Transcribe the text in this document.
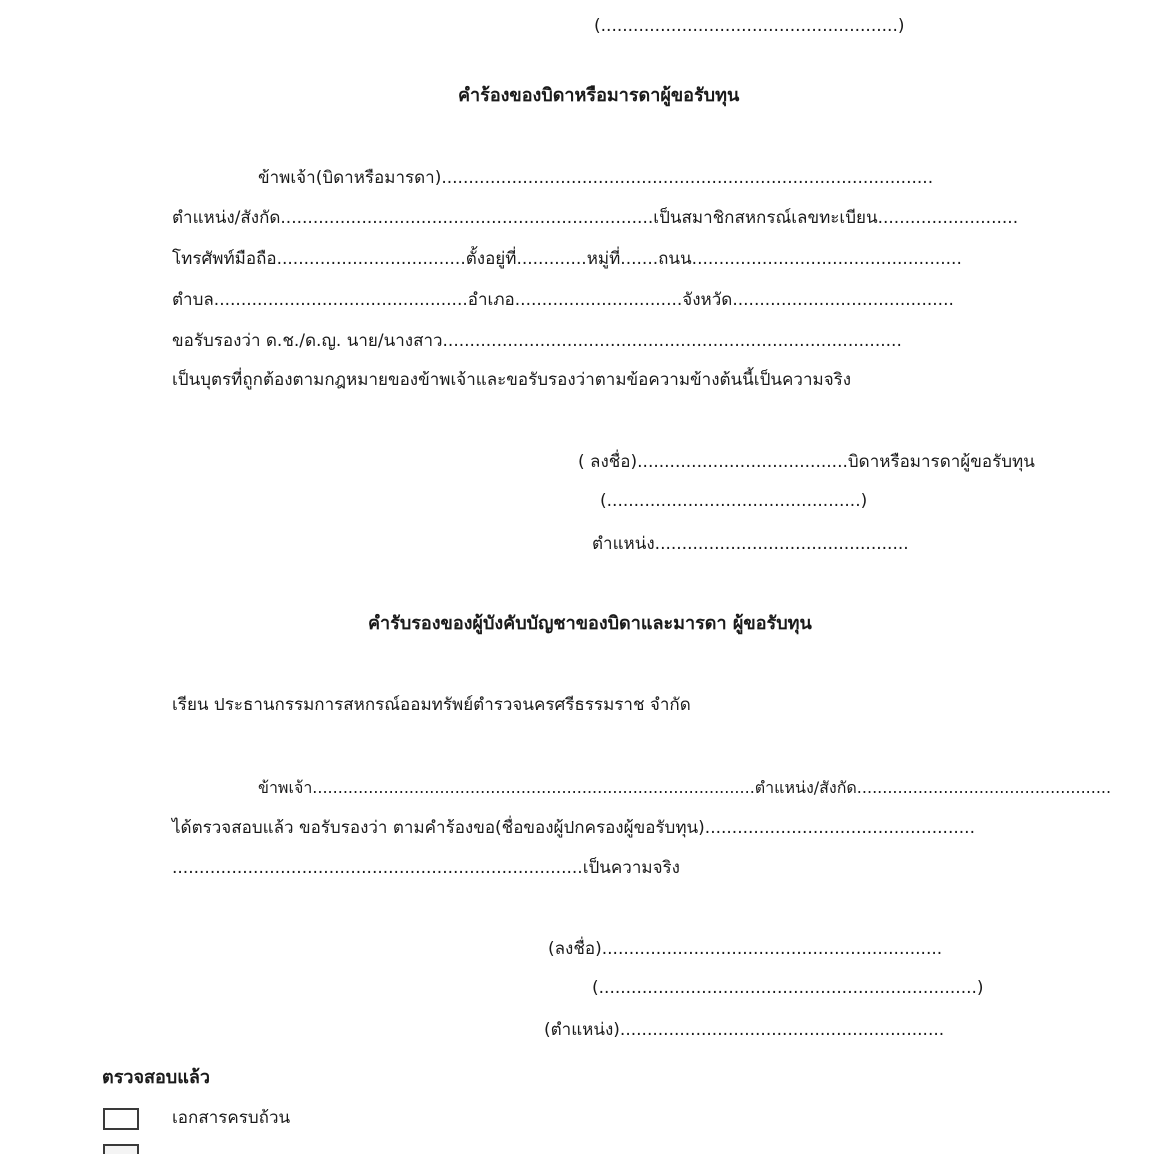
(.......................................................)
คำร้องของบิดาหรือมารดาผู้ขอรับทุน
ข้าพเจ้า(บิดาหรือมารดา)...........................................................................................
ตำแหน่ง/สังกัด.....................................................................เป็นสมาชิกสหกรณ์เลขทะเบียน..........................
โทรศัพท์มือถือ...................................ตั้งอยู่ที่.............หมู่ที่.......ถนน..................................................
ตำบล...............................................อำเภอ...............................จังหวัด.........................................
ขอรับรองว่า ด.ช./ด.ญ. นาย/นางสาว.....................................................................................
เป็นบุตรที่ถูกต้องตามกฎหมายของข้าพเจ้าและขอรับรองว่าตามข้อความข้างต้นนี้เป็นความจริง
( ลงชื่อ).......................................บิดาหรือมารดาผู้ขอรับทุน
(...............................................)
ตำแหน่ง...............................................
คำรับรองของผู้บังคับบัญชาของบิดาและมารดา ผู้ขอรับทุน
เรียน ประธานกรรมการสหกรณ์ออมทรัพย์ตำรวจนครศรีธรรมราช จำกัด
ข้าพเจ้า.......................................................................................ตำแหน่ง/สังกัด..................................................
ได้ตรวจสอบแล้ว ขอรับรองว่า ตามคำร้องขอ(ชื่อของผู้ปกครองผู้ขอรับทุน)..................................................
............................................................................เป็นความจริง
(ลงชื่อ)...............................................................
(......................................................................)
(ตำแหน่ง)............................................................
ตรวจสอบแล้ว
เอกสารครบถ้วน
